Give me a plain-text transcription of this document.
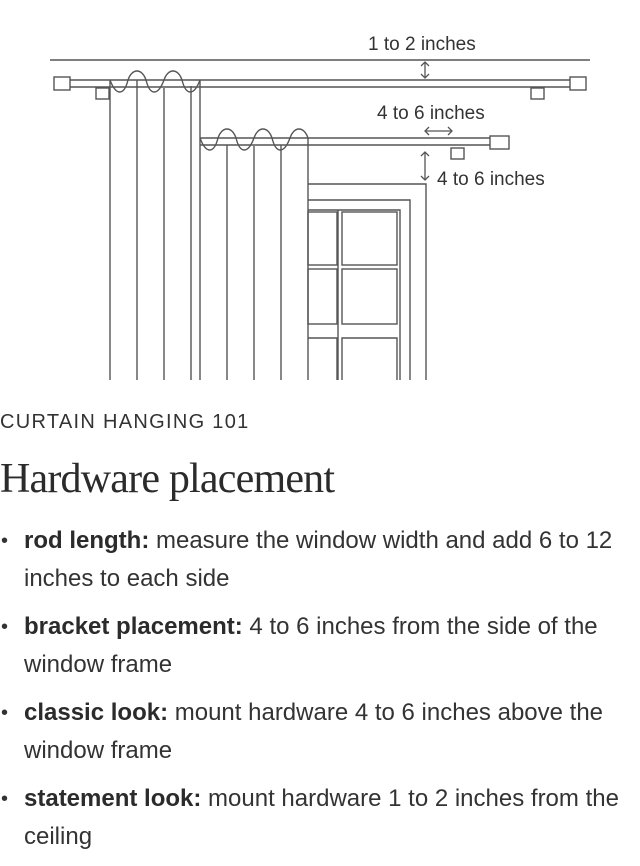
1 to 2 inches
4 to 6 inches
4 to 6 inches
CURTAIN HANGING 101
Hardware placement
• rod length: measure the window width and add 6 to 12 inches to each side
• bracket placement: 4 to 6 inches from the side of the window frame
• classic look: mount hardware 4 to 6 inches above the window frame
• statement look: mount hardware 1 to 2 inches from the ceiling
